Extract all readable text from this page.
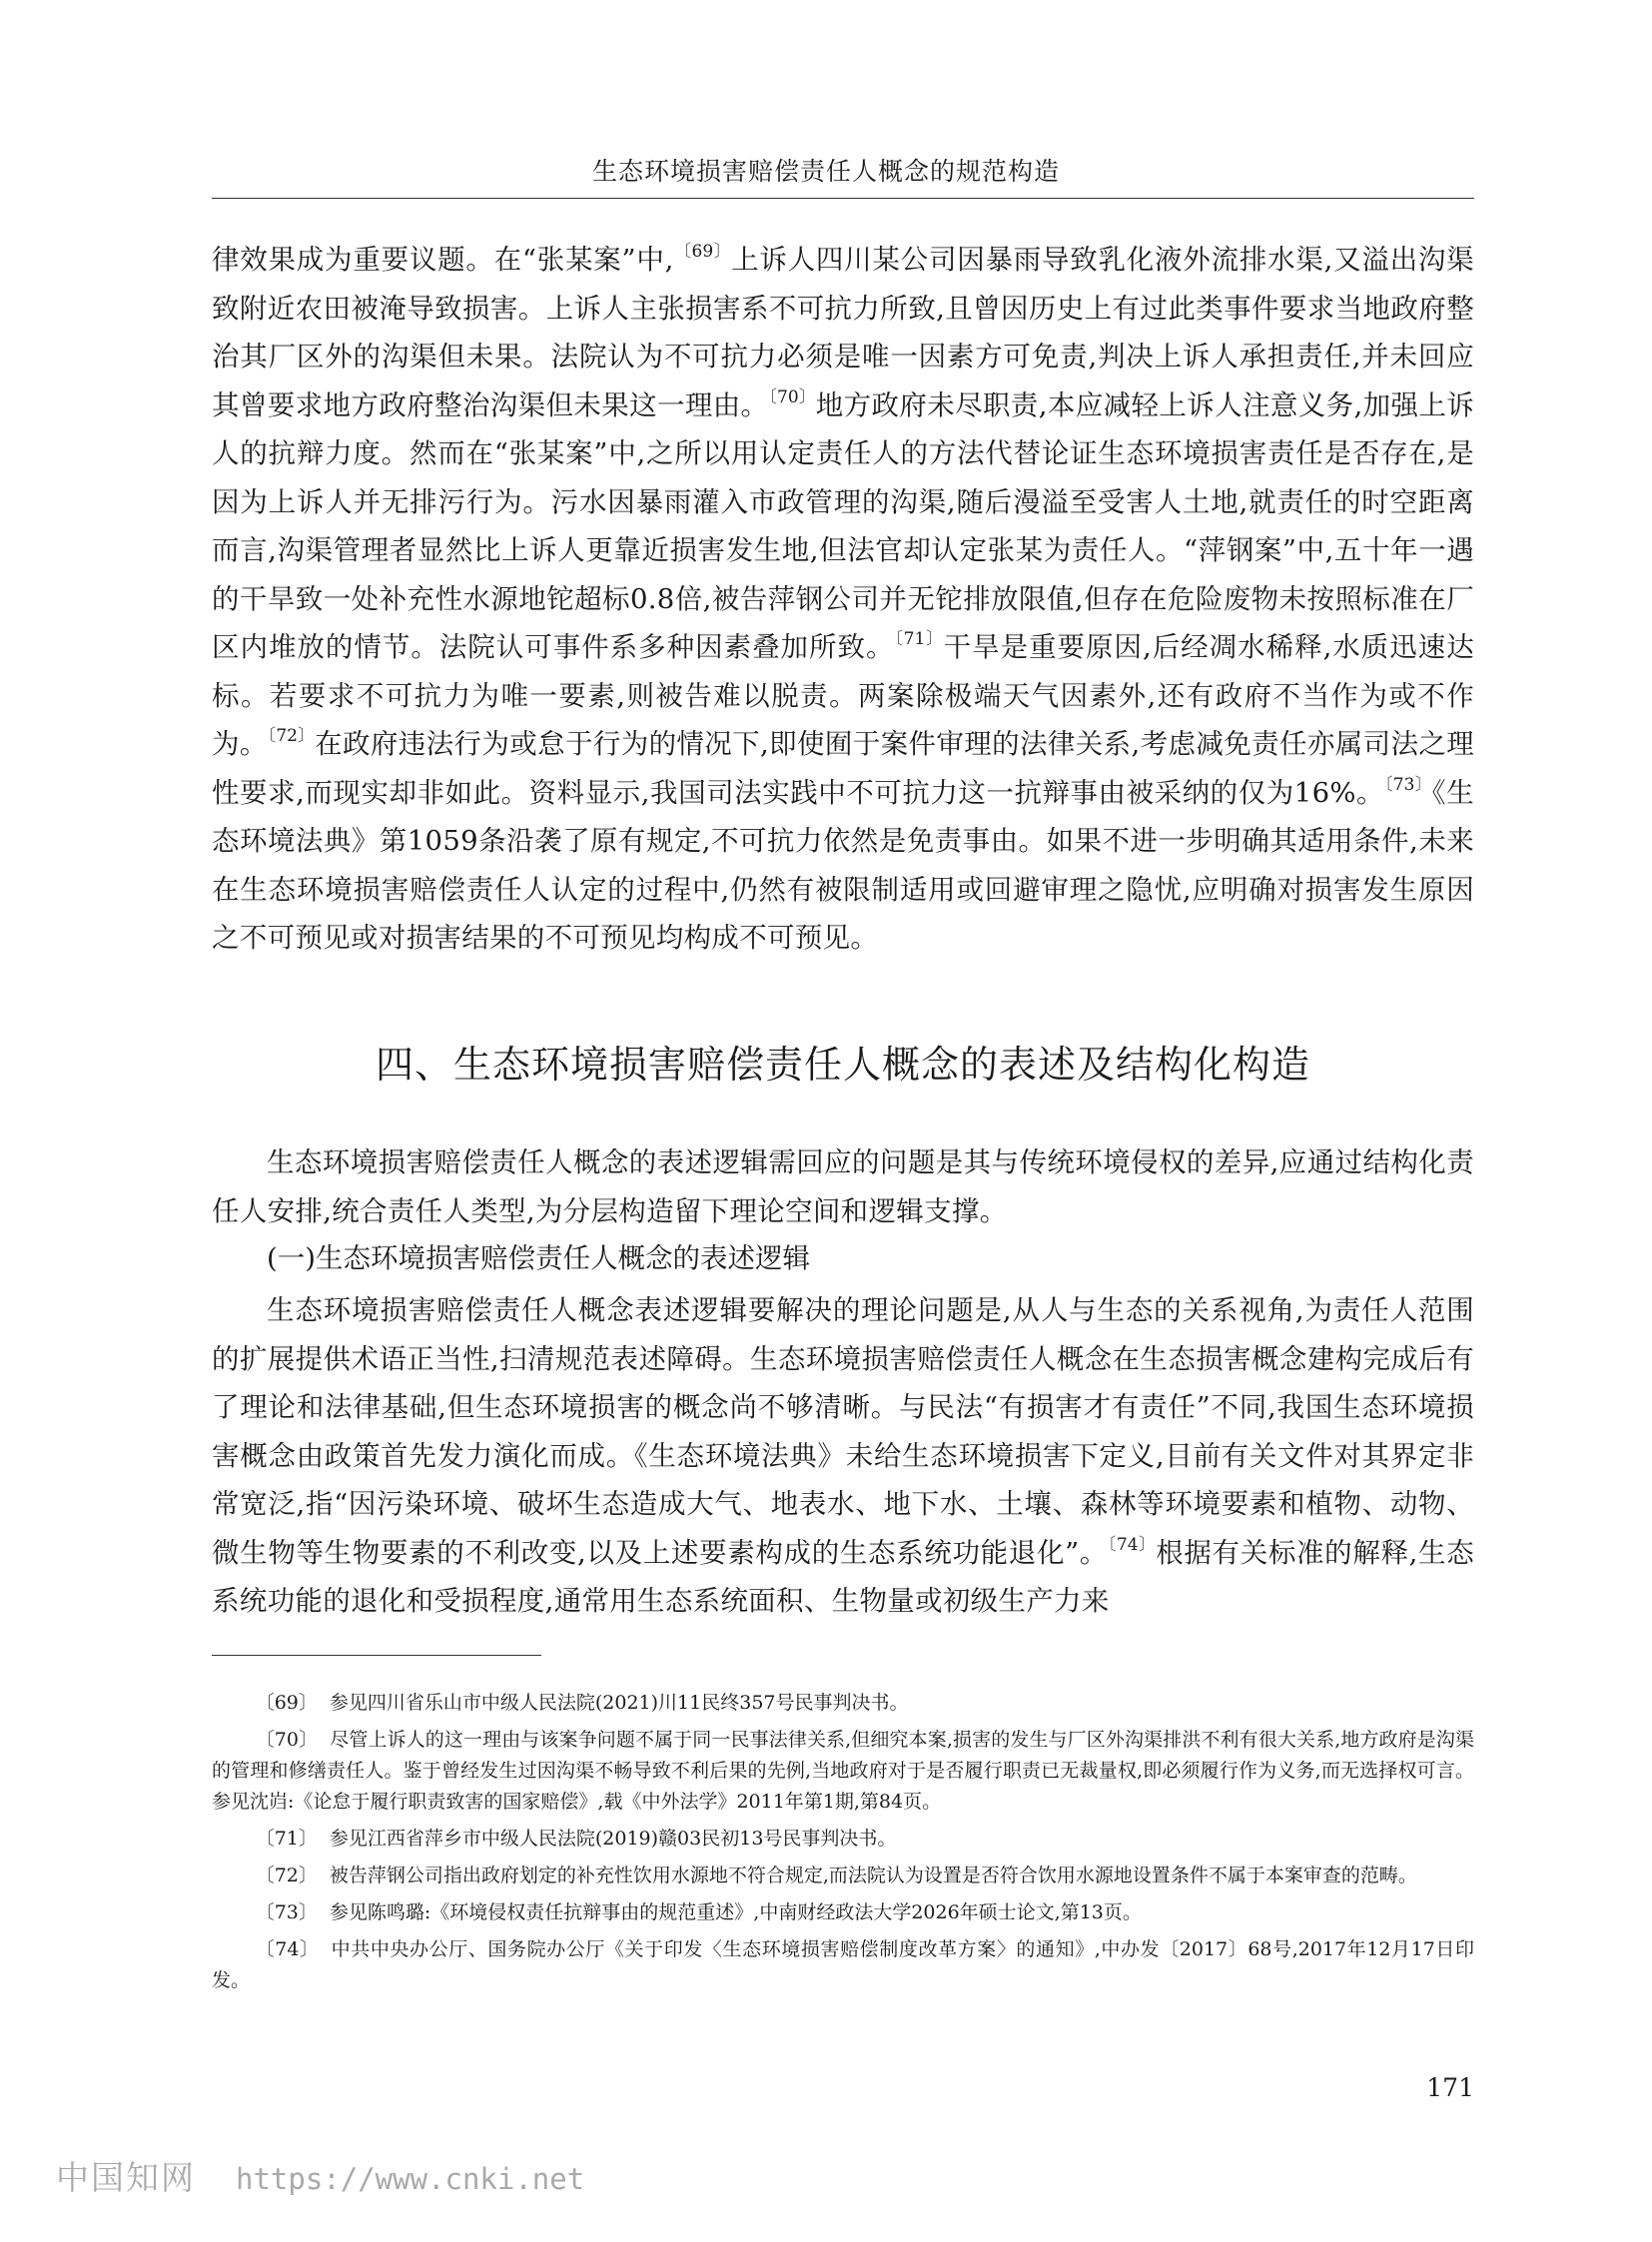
生态环境损害赔偿责任人概念的规范构造
律效果成为重要议题。在“张某案”中,$^{〔69〕}$上诉人四川某公司因暴雨导致乳化液外流排水渠,又溢出沟渠致附近农田被淹导致损害。上诉人主张损害系不可抗力所致,且曾因历史上有过此类事件要求当地政府整治其厂区外的沟渠但未果。法院认为不可抗力必须是唯一因素方可免责,判决上诉人承担责任,并未回应其曾要求地方政府整治沟渠但未果这一理由。$^{〔70〕}$地方政府未尽职责,本应减轻上诉人注意义务,加强上诉人的抗辩力度。然而在“张某案”中,之所以用认定责任人的方法代替论证生态环境损害责任是否存在,是因为上诉人并无排污行为。污水因暴雨灌入市政管理的沟渠,随后漫溢至受害人土地,就责任的时空距离而言,沟渠管理者显然比上诉人更靠近损害发生地,但法官却认定张某为责任人。“萍钢案”中,五十年一遇的干旱致一处补充性水源地铊超标0.8倍,被告萍钢公司并无铊排放限值,但存在危险废物未按照标准在厂区内堆放的情节。法院认可事件系多种因素叠加所致。$^{〔71〕}$干旱是重要原因,后经凋水稀释,水质迅速达标。若要求不可抗力为唯一要素,则被告难以脱责。两案除极端天气因素外,还有政府不当作为或不作为。$^{〔72〕}$在政府违法行为或怠于行为的情况下,即使囿于案件审理的法律关系,考虑减免责任亦属司法之理性要求,而现实却非如此。资料显示,我国司法实践中不可抗力这一抗辩事由被采纳的仅为16%。$^{〔73〕}$《生态环境法典》第1059条沿袭了原有规定,不可抗力依然是免责事由。如果不进一步明确其适用条件,未来在生态环境损害赔偿责任人认定的过程中,仍然有被限制适用或回避审理之隐忧,应明确对损害发生原因之不可预见或对损害结果的不可预见均构成不可预见。
四、生态环境损害赔偿责任人概念的表述及结构化构造
生态环境损害赔偿责任人概念的表述逻辑需回应的问题是其与传统环境侵权的差异,应通过结构化责任人安排,统合责任人类型,为分层构造留下理论空间和逻辑支撑。
(一)生态环境损害赔偿责任人概念的表述逻辑
生态环境损害赔偿责任人概念表述逻辑要解决的理论问题是,从人与生态的关系视角,为责任人范围的扩展提供术语正当性,扫清规范表述障碍。生态环境损害赔偿责任人概念在生态损害概念建构完成后有了理论和法律基础,但生态环境损害的概念尚不够清晰。与民法“有损害才有责任”不同,我国生态环境损害概念由政策首先发力演化而成。《生态环境法典》未给生态环境损害下定义,目前有关文件对其界定非常宽泛,指“因污染环境、破坏生态造成大气、地表水、地下水、土壤、森林等环境要素和植物、动物、微生物等生物要素的不利改变,以及上述要素构成的生态系统功能退化”。$^{〔74〕}$根据有关标准的解释,生态系统功能的退化和受损程度,通常用生态系统面积、生物量或初级生产力来

〔69〕 参见四川省乐山市中级人民法院(2021)川11民终357号民事判决书。

〔70〕 尽管上诉人的这一理由与该案争问题不属于同一民事法律关系,但细究本案,损害的发生与厂区外沟渠排洪不利有很大关系,地方政府是沟渠的管理和修缮责任人。鉴于曾经发生过因沟渠不畅导致不利后果的先例,当地政府对于是否履行职责已无裁量权,即必须履行作为义务,而无选择权可言。参见沈岿:《论怠于履行职责致害的国家赔偿》,载《中外法学》2011年第1期,第84页。

〔71〕 参见江西省萍乡市中级人民法院(2019)赣03民初13号民事判决书。

〔72〕 被告萍钢公司指出政府划定的补充性饮用水源地不符合规定,而法院认为设置是否符合饮用水源地设置条件不属于本案审查的范畴。

〔73〕 参见陈鸣璐:《环境侵权责任抗辩事由的规范重述》,中南财经政法大学2026年硕士论文,第13页。

〔74〕 中共中央办公厅、国务院办公厅《关于印发〈生态环境损害赔偿制度改革方案〉的通知》,中办发〔2017〕68号,2017年12月17日印发。

171
中国知网 https://www.cnki.net
